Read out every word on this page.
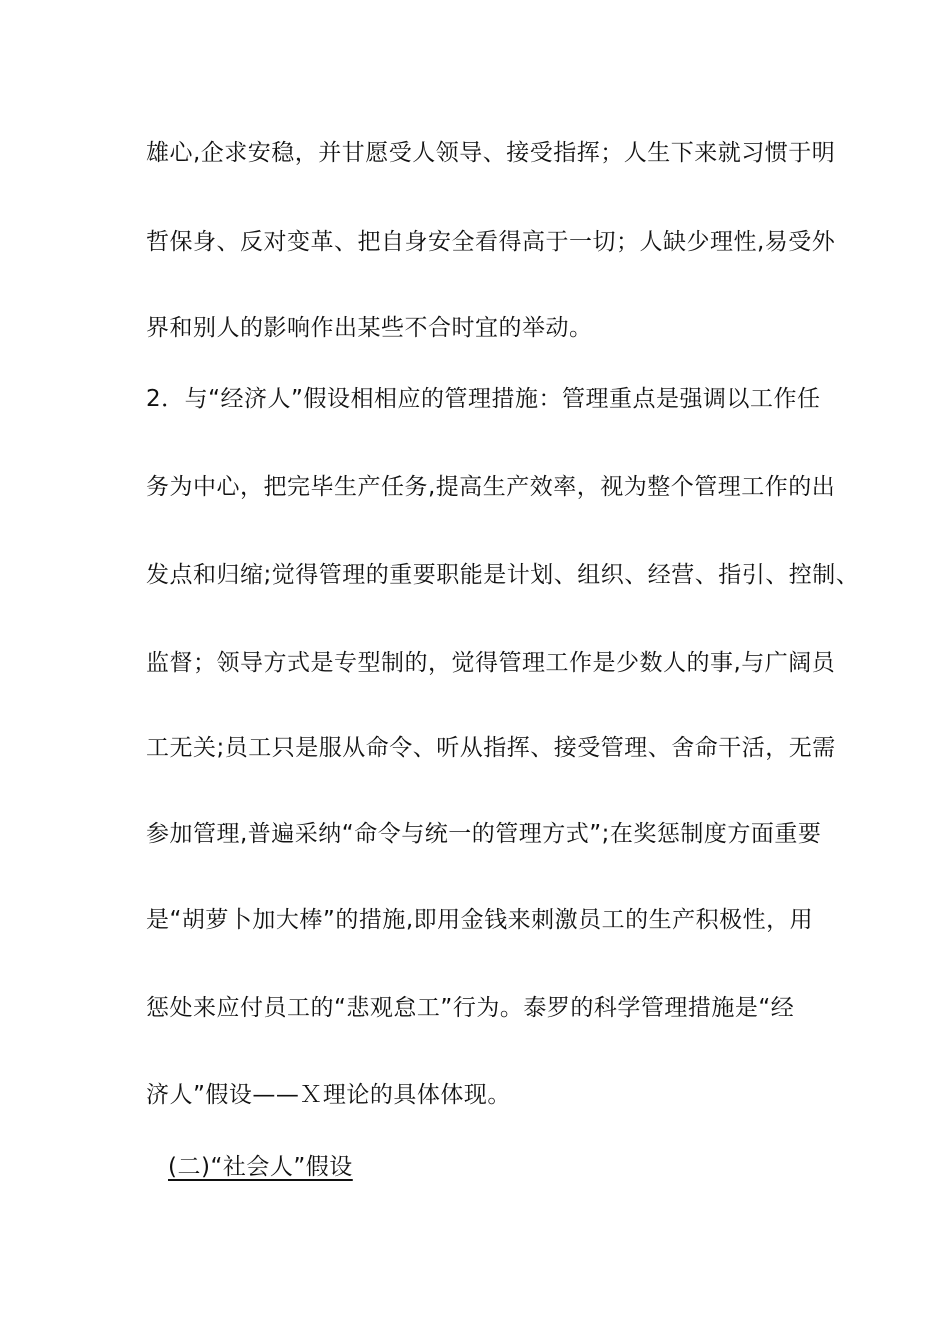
雄心,企求安稳，并甘愿受人领导、接受指挥；人生下来就习惯于明

哲保身、反对变革、把自身安全看得高于一切；人缺少理性,易受外

界和别人的影响作出某些不合时宜的举动。

2．与“经济人”假设相相应的管理措施：管理重点是强调以工作任

务为中心，把完毕生产任务,提高生产效率，视为整个管理工作的出

发点和归缩;觉得管理的重要职能是计划、组织、经营、指引、控制、

监督；领导方式是专型制的，觉得管理工作是少数人的事,与广阔员

工无关;员工只是服从命令、听从指挥、接受管理、舍命干活，无需

参加管理,普遍采纳“命令与统一的管理方式”;在奖惩制度方面重要

是“胡萝卜加大棒”的措施,即用金钱来刺激员工的生产积极性，用

惩处来应付员工的“悲观怠工”行为。泰罗的科学管理措施是“经

济人”假设——Ｘ理论的具体体现。

(二)“社会人”假设
